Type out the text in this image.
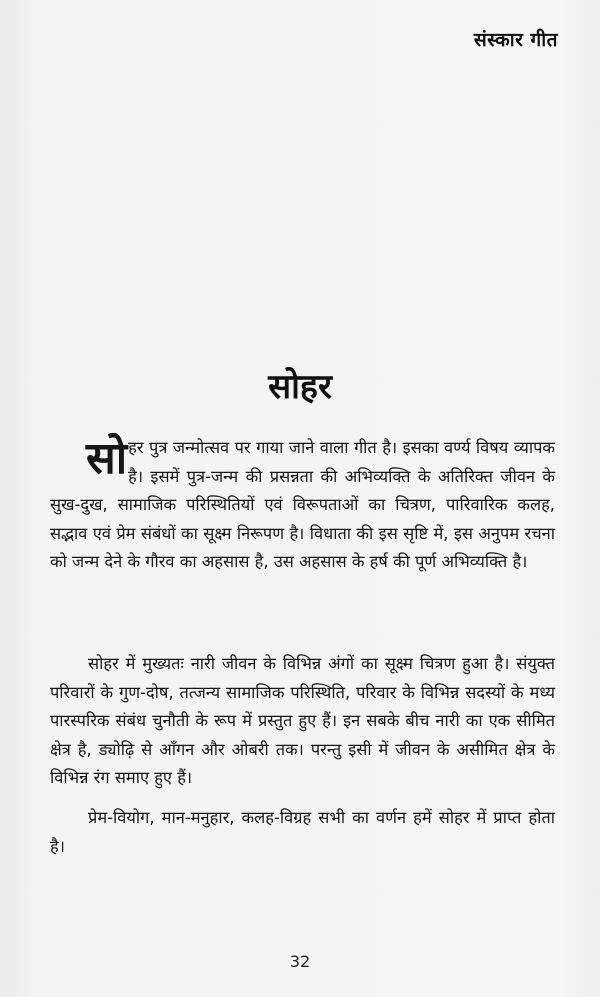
संस्कार गीत
सोहर

सोहर पुत्र जन्मोत्सव पर गाया जाने वाला गीत है। इसका वर्ण्य विषय व्यापक है। इसमें पुत्र-जन्म की प्रसन्नता की अभिव्यक्ति के अतिरिक्त जीवन के सुख-दुख, सामाजिक परिस्थितियों एवं विरूपताओं का चित्रण, पारिवारिक कलह, सद्भाव एवं प्रेम संबंधों का सूक्ष्म निरूपण है। विधाता की इस सृष्टि में, इस अनुपम रचना को जन्म देने के गौरव का अहसास है, उस अहसास के हर्ष की पूर्ण अभिव्यक्ति है।

सोहर में मुख्यतः नारी जीवन के विभिन्न अंगों का सूक्ष्म चित्रण हुआ है। संयुक्त परिवारों के गुण-दोष, तत्जन्य सामाजिक परिस्थिति, परिवार के विभिन्न सदस्यों के मध्य पारस्परिक संबंध चुनौती के रूप में प्रस्तुत हुए हैं। इन सबके बीच नारी का एक सीमित क्षेत्र है, ड्योढ़ि से आँगन और ओबरी तक। परन्तु इसी में जीवन के असीमित क्षेत्र के विभिन्न रंग समाए हुए हैं।

प्रेम-वियोग, मान-मनुहार, कलह-विग्रह सभी का वर्णन हमें सोहर में प्राप्त होता है।

32
